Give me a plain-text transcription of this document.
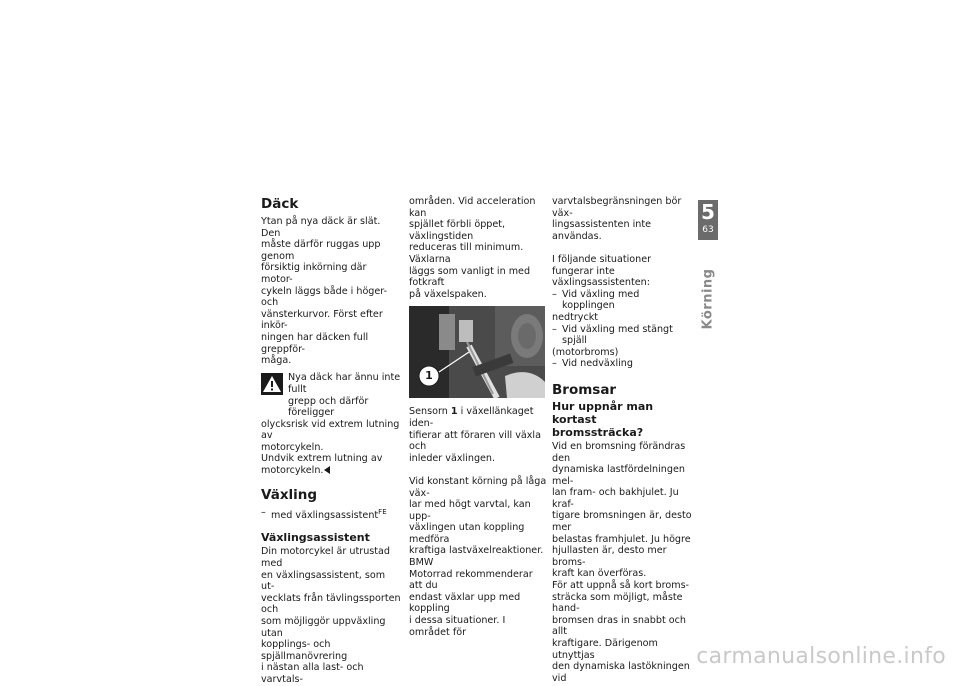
Däck

Ytan på nya däck är slät. Den
måste därför ruggas upp genom
försiktig inkörning där motor-
cykeln läggs både i höger- och
vänsterkurvor. Först efter inkör-
ningen har däcken full greppför-
måga.

Nya däck har ännu inte fullt
grepp och därför föreligger
olycksrisk vid extrem lutning av
motorcykeln.
Undvik extrem lutning av
motorcykeln.
Växling
– med växlingsassistent$^{FE}$
Växlingsassistent

Din motorcykel är utrustad med
en växlingsassistent, som ut-
vecklats från tävlingssporten och
som möjliggör uppväxling utan
kopplings- och spjällmanövrering
i nästan alla last- och varvtals-

områden. Vid acceleration kan
spjället förbli öppet, växlingstiden
reduceras till minimum. Växlarna
läggs som vanligt in med fotkraft
på växelspaken.

1

Sensorn 1 i växellänkaget iden-
tifierar att föraren vill växla och
inleder växlingen.

Vid konstant körning på låga väx-
lar med högt varvtal, kan upp-
växlingen utan koppling medföra
kraftiga lastväxelreaktioner. BMW
Motorrad rekommenderar att du
endast växlar upp med koppling
i dessa situationer. I området för

varvtalsbegränsningen bör väx-
lingsassistenten inte användas.

I följande situationer fungerar inte
växlingsassistenten:

– Vid växling med kopplingen
nedtryckt
– Vid växling med stängt spjäll
(motorbroms)
– Vid nedväxling
Bromsar
Hur uppnår man kortast
bromssträcka?

Vid en bromsning förändras den
dynamiska lastfördelningen mel-
lan fram- och bakhjulet. Ju kraf-
tigare bromsningen är, desto mer
belastas framhjulet. Ju högre
hjullasten är, desto mer broms-
kraft kan överföras.
För att uppnå så kort broms-
sträcka som möjligt, måste hand-
bromsen dras in snabbt och allt
kraftigare. Därigenom utnyttjas
den dynamiska lastökningen vid

5
63
Körning
carmanualsonline.info
